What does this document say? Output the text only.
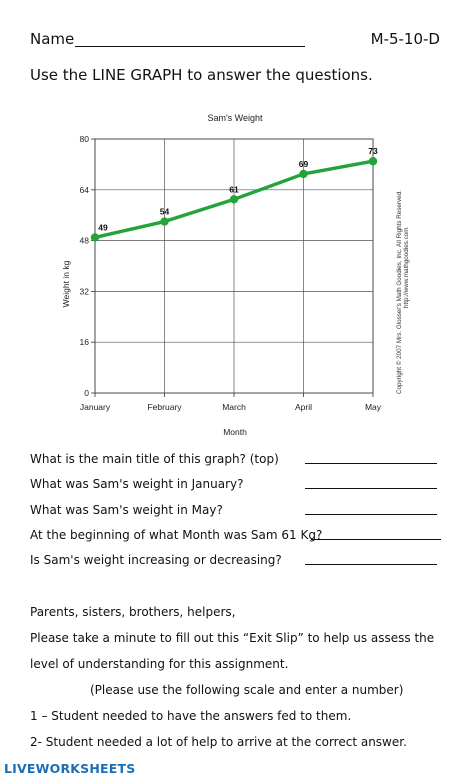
Name	M-5-10-D
Use the LINE GRAPH to answer the questions.
0
16
32
48
64
80
January	February	March	April	May
49
54
61
69
73
Sam's Weight
Month
Weight in kg	Copyright © 2007 Mrs. Glosser's Math Goodies, Inc. All Rights Reserved. http://www.mathgoodies.com
What is the main title of this graph? (top)
What was Sam's weight in January?
What was Sam's weight in May?
At the beginning of what Month was Sam 61 Kg?
Is Sam's weight increasing or decreasing?
Parents, sisters, brothers, helpers,
Please take a minute to fill out this “Exit Slip” to help us assess the
level of understanding for this assignment.
(Please use the following scale and enter a number)
1 – Student needed to have the answers fed to them.
2- Student needed a lot of help to arrive at the correct answer.
LIVEWORKSHEETS
